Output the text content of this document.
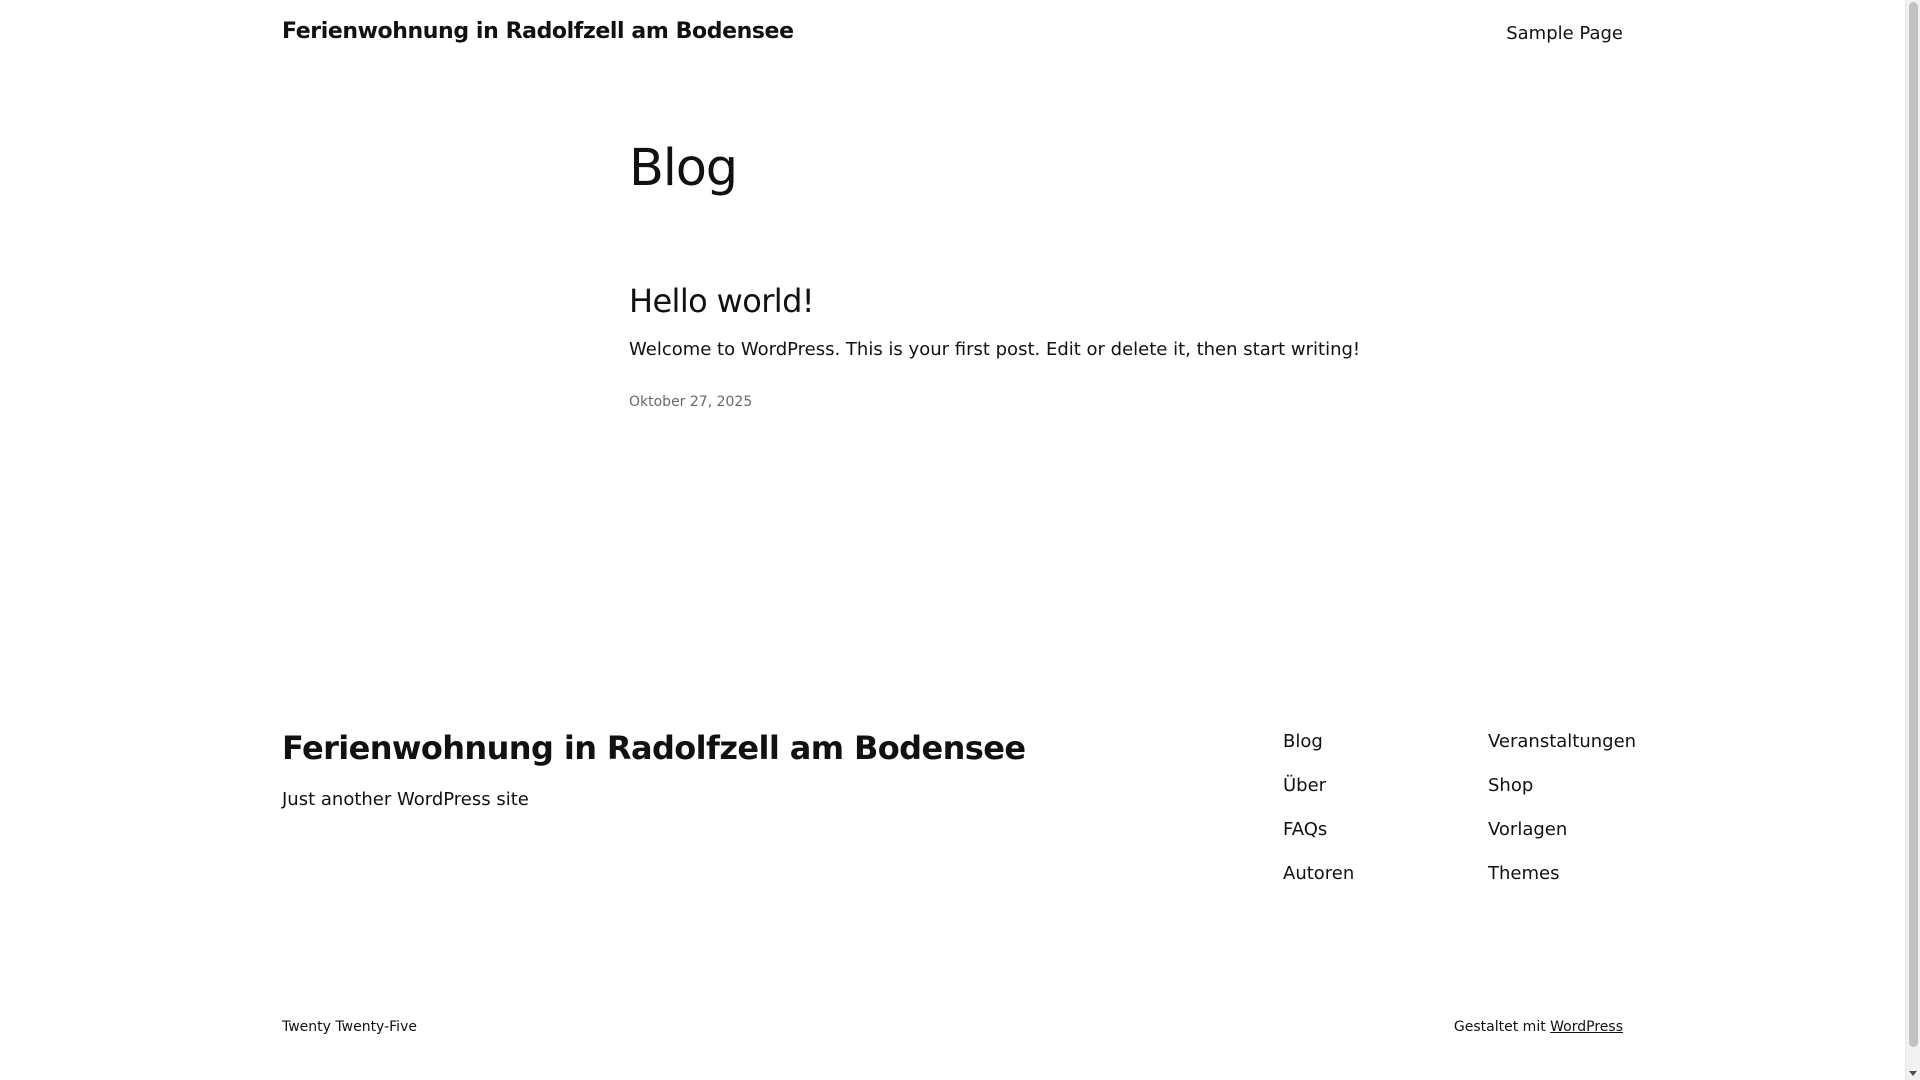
Ferienwohnung in Radolfzell am Bodensee	Sample Page
Blog
Hello world!

Welcome to WordPress. This is your first post. Edit or delete it, then start writing!

Oktober 27, 2025
Ferienwohnung in Radolfzell am Bodensee
Just another WordPress site
Blog
Über
FAQs
Autoren
Veranstaltungen
Shop
Vorlagen
Themes
Twenty Twenty-Five	Gestaltet mit WordPress
